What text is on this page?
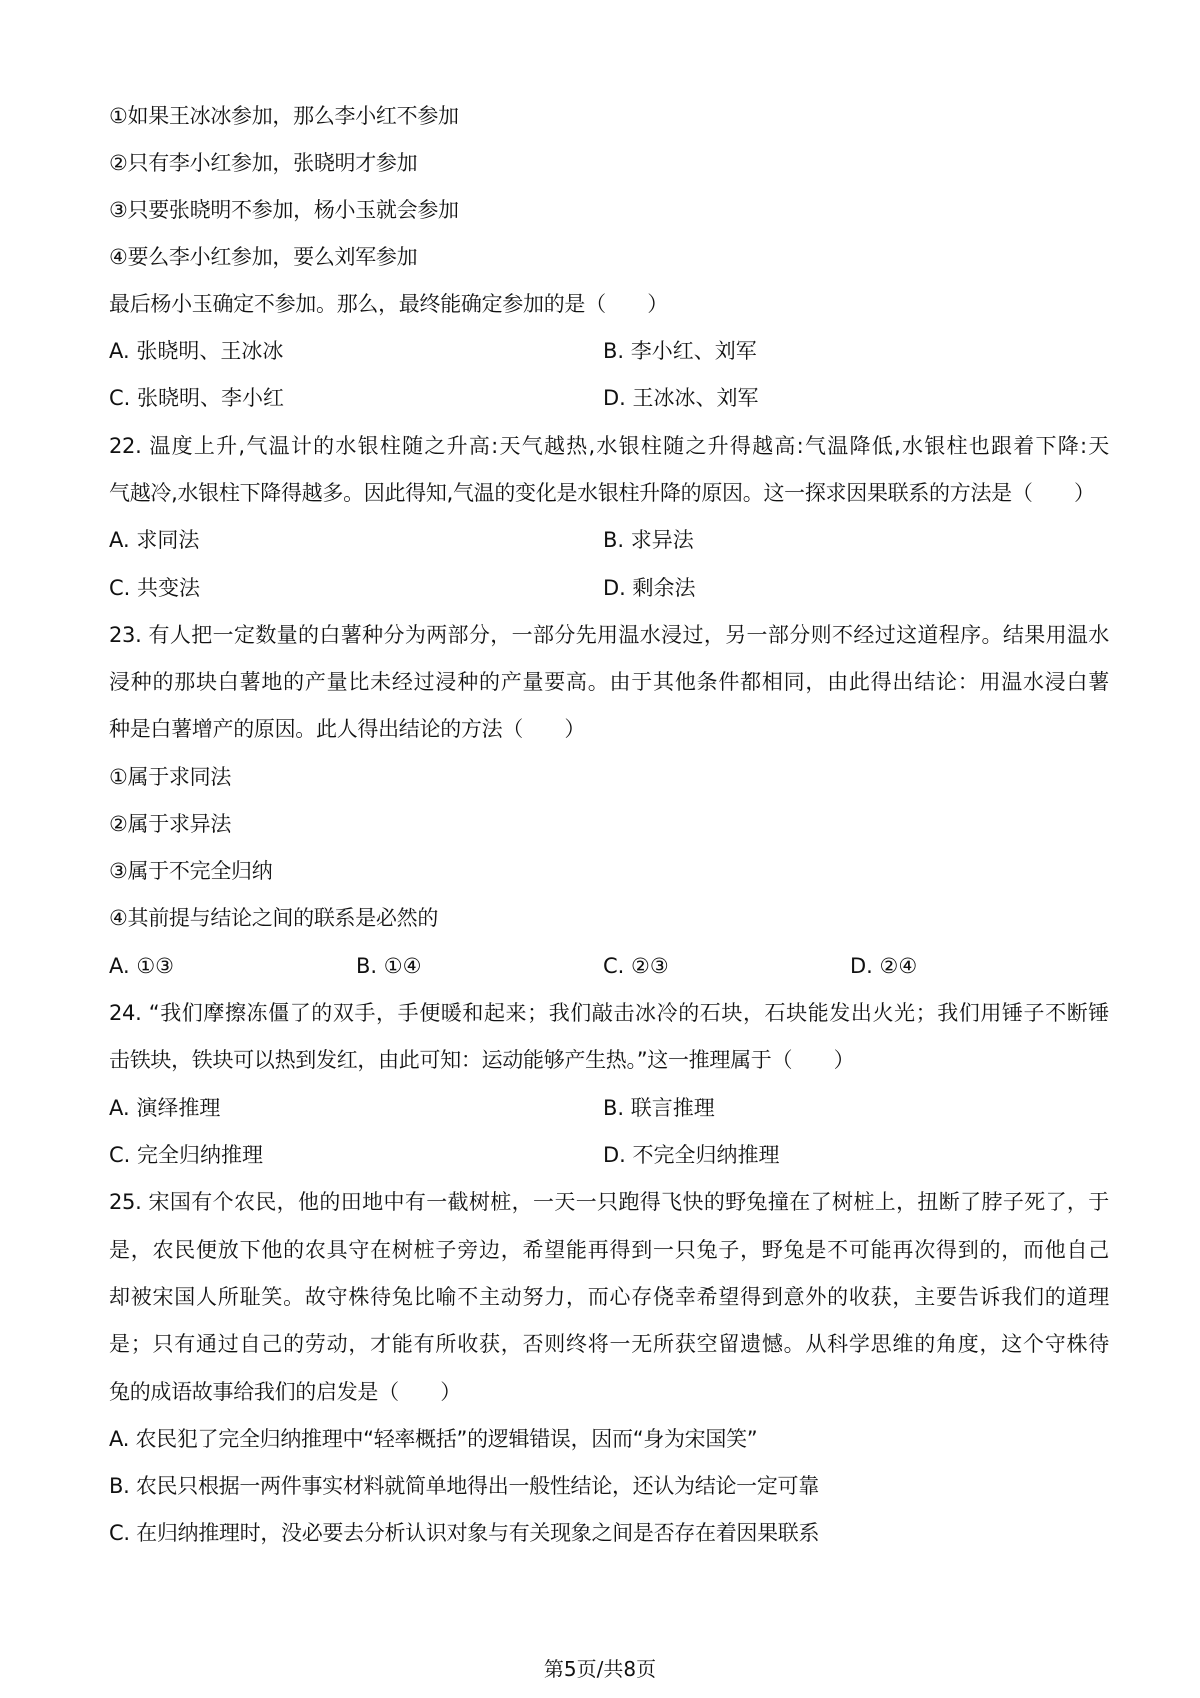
①如果王冰冰参加，那么李小红不参加
②只有李小红参加，张晓明才参加
③只要张晓明不参加，杨小玉就会参加
④要么李小红参加，要么刘军参加
最后杨小玉确定不参加。那么，最终能确定参加的是（　　）
A. 张晓明、王冰冰	B. 李小红、刘军
C. 张晓明、李小红	D. 王冰冰、刘军
22. 温度上升,气温计的水银柱随之升高:天气越热,水银柱随之升得越高:气温降低,水银柱也跟着下降:天
气越冷,水银柱下降得越多。因此得知,气温的变化是水银柱升降的原因。这一探求因果联系的方法是（　　）
A. 求同法	B. 求异法
C. 共变法	D. 剩余法
23. 有人把一定数量的白薯种分为两部分，一部分先用温水浸过，另一部分则不经过这道程序。结果用温水
浸种的那块白薯地的产量比未经过浸种的产量要高。由于其他条件都相同，由此得出结论：用温水浸白薯
种是白薯增产的原因。此人得出结论的方法（　　）
①属于求同法
②属于求异法
③属于不完全归纳
④其前提与结论之间的联系是必然的
A. ①③	B. ①④	C. ②③	D. ②④
24. “我们摩擦冻僵了的双手，手便暖和起来；我们敲击冰冷的石块，石块能发出火光；我们用锤子不断锤
击铁块，铁块可以热到发红，由此可知：运动能够产生热。”这一推理属于（　　）
A. 演绎推理	B. 联言推理
C. 完全归纳推理	D. 不完全归纳推理
25. 宋国有个农民，他的田地中有一截树桩，一天一只跑得飞快的野兔撞在了树桩上，扭断了脖子死了，于
是，农民便放下他的农具守在树桩子旁边，希望能再得到一只兔子，野兔是不可能再次得到的，而他自己
却被宋国人所耻笑。故守株待兔比喻不主动努力，而心存侥幸希望得到意外的收获，主要告诉我们的道理
是；只有通过自己的劳动，才能有所收获，否则终将一无所获空留遗憾。从科学思维的角度，这个守株待
兔的成语故事给我们的启发是（　　）
A. 农民犯了完全归纳推理中“轻率概括”的逻辑错误，因而“身为宋国笑”
B. 农民只根据一两件事实材料就简单地得出一般性结论，还认为结论一定可靠
C. 在归纳推理时，没必要去分析认识对象与有关现象之间是否存在着因果联系
第5页/共8页
